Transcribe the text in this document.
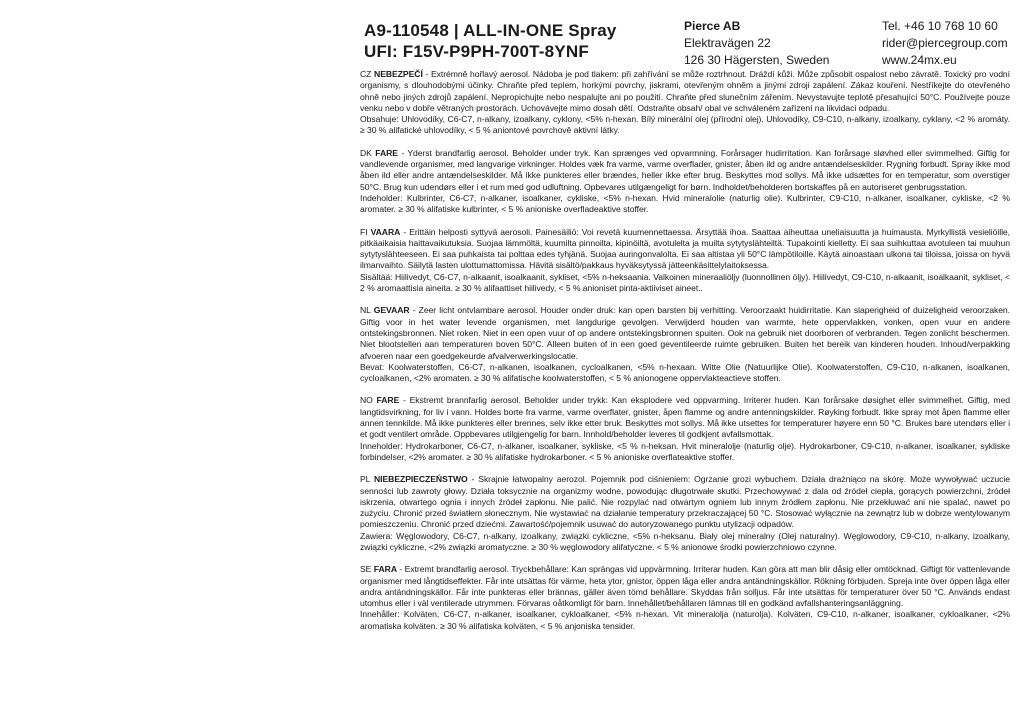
A9-110548 | ALL-IN-ONE Spray
UFI: F15V-P9PH-700T-8YNF
Pierce AB
Elektravägen 22
126 30 Hägersten, Sweden
Tel. +46 10 768 10 60
rider@piercegroup.com
www.24mx.eu

CZ NEBEZPEČÍ - Extrémně hořlavý aerosol. Nádoba je pod tlakem: při zahřívání se může roztrhnout. Dráždí kůži. Může způsobit ospalost nebo závratě. Toxický pro vodní organismy, s dlouhodobými účinky. Chraňte před teplem, horkými povrchy, jiskrami, otevřeným ohněm a jinými zdroji zapálení. Zákaz kouření. Nestříkejte do otevřeného ohně nebo jiných zdrojů zapálení. Nepropichujte nebo nespalujte ani po použití. Chraňte před slunečním zářením. Nevystavujte teplotě přesahující 50°C. Používejte pouze venku nebo v dobře větraných prostorách. Uchovávejte mimo dosah dětí. Odstraňte obsah/ obal ve schváleném zařízení na likvidaci odpadu.

Obsahuje: Uhlovodíky, C6-C7, n-alkany, izoalkany, cyklony, <5% n-hexan. Bílý minerální olej (přírodní olej). Uhlovodíky, C9-C10, n-alkany, izoalkany, cyklany, <2 % aromáty. ≥ 30 % alifatické uhlovodíky, < 5 % aniontové povrchově aktivní látky.

DK FARE - Yderst brandfarlig aerosol. Beholder under tryk. Kan sprænges ved opvarmning. Forårsager hudirritation. Kan forårsage sløvhed eller svimmelhed. Giftig for vandlevende organismer, med langvarige virkninger. Holdes væk fra varme, varme overflader, gnister, åben ild og andre antændelseskilder. Rygning forbudt. Spray ikke mod åben ild eller andre antændelseskilder. Må ikke punkteres eller brændes, heller ikke efter brug. Beskyttes mod sollys. Må ikke udsættes for en temperatur, som overstiger 50°C. Brug kun udendørs eller i et rum med god udluftning. Opbevares utilgængeligt for børn. Indholdet/beholderen bortskaffes på en autoriseret genbrugsstation.

Indeholder: Kulbrinter, C6-C7, n-alkaner, isoalkaner, cykliske, <5% n-hexan. Hvid mineralolie (naturlig olie). Kulbrinter, C9-C10, n-alkaner, isoalkaner, cykliske, <2 % aromater. ≥ 30 % alifatiske kulbrinter, < 5 % anioniske overfladeaktive stoffer.

FI VAARA - Erittäin helposti syttyvä aerosoli. Painesäiliö: Voi revetä kuumennettaessa. Ärsyttää ihoa. Saattaa aiheuttaa uneliaisuutta ja huimausta. Myrkyllistä vesieliöille, pitkäaikaisia haittavaikutuksia. Suojaa lämmöltä, kuumilta pinnoilta, kipinöiltä, avotulelta ja muilta sytytyslähteiltä. Tupakointi kielletty. Ei saa suihkuttaa avotuleen tai muuhun sytytyslähteeseen. Ei saa puhkaista tai polttaa edes tyhjänä. Suojaa auringonvalolta. Ei saa altistaa yli 50°C lämpötiloille. Käytä ainoastaan ulkona tai tiloissa, joissa on hyvä ilmanvaihto. Säilytä lasten ulottumattomissa. Hävitä sisältö/pakkaus hyväksytyssä jätteenkäsittelylaitoksessa.

Sisältää: Hiilivedyt, C6-C7, n-alkaanit, isoalkaanit, sykliset, <5% n-heksaania. Valkoinen mineraaliöljy (luonnollinen öljy). Hiilivedyt, C9-C10, n-alkaanit, isoalkaanit, sykliset, < 2 % aromaattisia aineita. ≥ 30 % alifaattiset hiilivedy, < 5 % anioniset pinta-aktiiviset aineet..

NL GEVAAR - Zeer licht ontvlambare aerosol. Houder onder druk: kan open barsten bij verhitting. Veroorzaakt huidirritatie. Kan slaperigheid of duizeligheid veroorzaken. Giftig voor in het water levende organismen, met langdurige gevolgen. Verwijderd houden van warmte, hete oppervlakken, vonken, open vuur en andere ontstekingsbronnen. Niet roken. Niet in een open vuur of op andere ontstekingsbronnen spuiten. Ook na gebruik niet doorboren of verbranden. Tegen zonlicht beschermen. Niet blootstellen aan temperaturen boven 50°C. Alleen buiten of in een goed geventileerde ruimte gebruiken. Buiten het bereik van kinderen houden. Inhoud/verpakking afvoeren naar een goedgekeurde afvalverwerkingslocatie.

Bevat: Koolwaterstoffen, C6-C7, n-alkanen, isoalkanen, cycloalkanen, <5% n-hexaan. Witte Olie (Natuurlijke Olie). Koolwaterstoffen, C9-C10, n-alkanen, isoalkanen, cycloalkanen, <2% aromaten. ≥ 30 % alifatische koolwaterstoffen, < 5 % anionogene oppervlakteactieve stoffen.

NO FARE - Ekstremt brannfarlig aerosol. Beholder under trykk: Kan eksplodere ved oppvarming. Irriterer huden. Kan forårsake døsighet eller svimmelhet. Giftig, med langtidsvirkning, for liv i vann. Holdes borte fra varme, varme overflater, gnister, åpen flamme og andre antenningskilder. Røyking forbudt. Ikke spray mot åpen flamme eller annen tennkilde. Må ikke punkteres eller brennes, selv ikke etter bruk. Beskyttes mot sollys. Må ikke utsettes for temperaturer høyere enn 50 °C. Brukes bare utendørs eller i et godt ventilert område. Oppbevares utilgjengelig for barn. Innhold/beholder leveres til godkjent avfallsmottak.

Inneholder: Hydrokarboner, C6-C7, n-alkaner, isoalkaner, sykliske, <5 % n-heksan. Hvit mineralolje (naturlig olje). Hydrokarboner, C9-C10, n-alkaner, isoalkaner, sykliske forbindelser, <2% aromater. ≥ 30 % alifatiske hydrokarboner. < 5 % anioniske overflateaktive stoffer.

PL NIEBEZPIECZEŃSTWO - Skrajnie łatwopalny aerozol. Pojemnik pod ciśnieniem: Ogrzanie grozi wybuchem. Działa drażniąco na skórę. Może wywoływać uczucie senności lub zawroty głowy. Działa toksycznie na organizmy wodne, powodując długotrwałe skutki. Przechowywać z dala od źródeł ciepła, gorących powierzchni, źródeł iskrzenia, otwartego ognia i innych źródeł zapłonu. Nie palić. Nie rozpylać nad otwartym ogniem lub innym źródłem zapłonu. Nie przekłuwać ani nie spalać, nawet po zużyciu. Chronić przed światłem słonecznym. Nie wystawiać na działanie temperatury przekraczającej 50 °C. Stosować wyłącznie na zewnątrz lub w dobrze wentylowanym pomieszczeniu. Chronić przed dziećmi. Zawartość/pojemnik usuwać do autoryzowanego punktu utylizacji odpadów.

Zawiera: Węglowodory, C6-C7, n-alkany, izoalkany, związki cykliczne, <5% n-heksanu. Biały olej mineralny (Olej naturalny). Węglowodory, C9-C10, n-alkany, izoalkany, związki cykliczne, <2% związki aromatyczne. ≥ 30 % węglowodory alifatyczne. < 5 % anionowe środki powierzchniowo czynne.

SE FARA - Extremt brandfarlig aerosol. Tryckbehållare: Kan sprängas vid uppvärmning. Irriterar huden. Kan göra att man blir dåsig eller omtöcknad. Giftigt för vattenlevande organismer med långtidseffekter. Får inte utsättas för värme, heta ytor, gnistor, öppen låga eller andra antändningskällor. Rökning förbjuden. Spreja inte över öppen låga eller andra antändningskällor. Får inte punkteras eller brännas, gäller även tömd behållare. Skyddas från solljus. Får inte utsättas för temperaturer över 50 °C. Används endast utomhus eller i väl ventilerade utrymmen. Förvaras oåtkomligt för barn. Innehållet/behållaren lämnas till en godkänd avfallshanteringsanläggning.

Innehåller: Kolväten, C6-C7, n-alkaner, isoalkaner, cykloalkaner, <5% n-hexan. Vit mineralolja (naturolja). Kolväten, C9-C10, n-alkaner, isoalkaner, cykloalkaner, <2% aromatiska kolväten. ≥ 30 % alifatiska kolväten, < 5 % anjoniska tensider.
